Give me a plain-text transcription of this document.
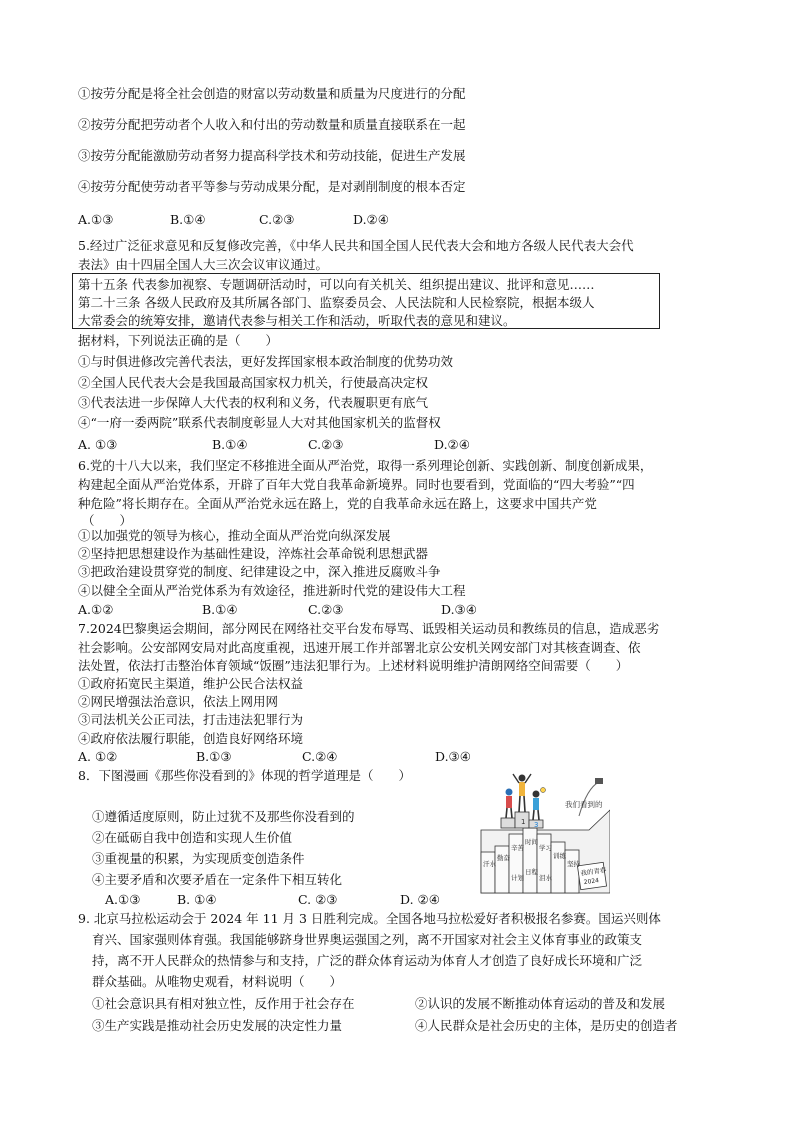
①按劳分配是将全社会创造的财富以劳动数量和质量为尺度进行的分配
②按劳分配把劳动者个人收入和付出的劳动数量和质量直接联系在一起
③按劳分配能激励劳动者努力提高科学技术和劳动技能，促进生产发展
④按劳分配使劳动者平等参与劳动成果分配，是对剥削制度的根本否定
A.①③	B.①④	C.②③	D.②④
5.经过广泛征求意见和反复修改完善，《中华人民共和国全国人民代表大会和地方各级人民代表大会代
表法》由十四届全国人大三次会议审议通过。
第十五条 代表参加视察、专题调研活动时，可以向有关机关、组织提出建议、批评和意见……
第二十三条 各级人民政府及其所属各部门、监察委员会、人民法院和人民检察院，根据本级人
大常委会的统筹安排，邀请代表参与相关工作和活动，听取代表的意见和建议。
据材料，下列说法正确的是（　　）
①与时俱进修改完善代表法，更好发挥国家根本政治制度的优势功效
②全国人民代表大会是我国最高国家权力机关，行使最高决定权
③代表法进一步保障人大代表的权利和义务，代表履职更有底气
④“一府一委两院”联系代表制度彰显人大对其他国家机关的监督权
A. ①③	B.①④	C.②③	D.②④
6.党的十八大以来，我们坚定不移推进全面从严治党，取得一系列理论创新、实践创新、制度创新成果，
构建起全面从严治党体系，开辟了百年大党自我革命新境界。同时也要看到，党面临的“四大考验”“四
种危险”将长期存在。全面从严治党永远在路上，党的自我革命永远在路上，这要求中国共产党
（　　）
①以加强党的领导为核心，推动全面从严治党向纵深发展
②坚持把思想建设作为基础性建设，淬炼社会革命锐利思想武器
③把政治建设贯穿党的制度、纪律建设之中，深入推进反腐败斗争
④以健全全面从严治党体系为有效途径，推进新时代党的建设伟大工程
A.①②	B.①④	C.②③	D.③④
7.2024巴黎奥运会期间，部分网民在网络社交平台发布辱骂、诋毁相关运动员和教练员的信息，造成恶劣
社会影响。公安部网安局对此高度重视，迅速开展工作并部署北京公安机关网安部门对其核查调查、依
法处置，依法打击整治体育领域“饭圈”违法犯罪行为。上述材料说明维护清朗网络空间需要（　　）
①政府拓宽民主渠道，维护公民合法权益
②网民增强法治意识，依法上网用网
③司法机关公正司法，打击违法犯罪行为
④政府依法履行职能，创造良好网络环境
A. ①②	B.①③	C.②④	D.③④
8．下图漫画《那些你没看到的》体现的哲学道理是（　　）
①遵循适度原则，防止过犹不及那些你没看到的
②在砥砺自我中创造和实现人生价值
③重视量的积累，为实现质变创造条件
④主要矛盾和次要矛盾在一定条件下相互转化
A.①③	B. ①④	C. ②③	D. ②④
1 3
我们看到的
我的青春
2024
汗水
勤奋
辛苦
计划
时间
日程
学习
泪水
训练
坚持
9. 北京马拉松运动会于 2024 年 11 月 3 日胜利完成。全国各地马拉松爱好者积极报名参赛。国运兴则体
育兴、国家强则体育强。我国能够跻身世界奥运强国之列，离不开国家对社会主义体育事业的政策支
持，离不开人民群众的热情参与和支持，广泛的群众体育运动为体育人才创造了良好成长环境和广泛
群众基础。从唯物史观看，材料说明（　　）
①社会意识具有相对独立性，反作用于社会存在	②认识的发展不断推动体育运动的普及和发展
③生产实践是推动社会历史发展的决定性力量	④人民群众是社会历史的主体，是历史的创造者
